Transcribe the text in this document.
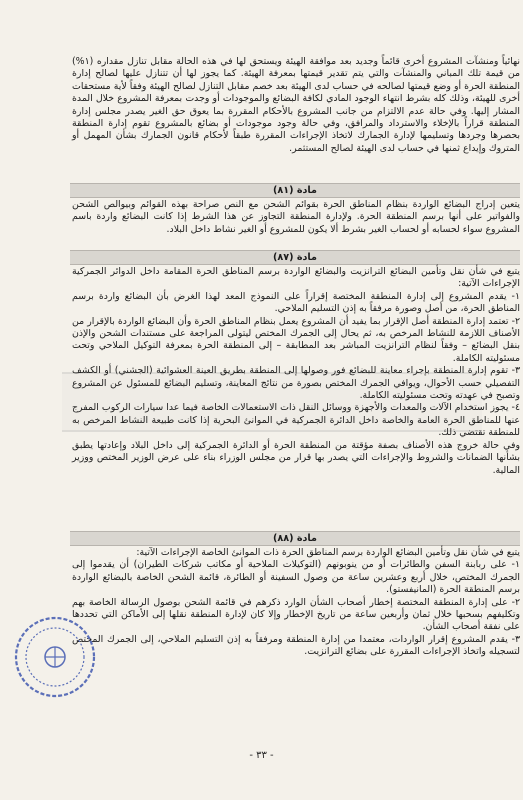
نهائياً ومنشآت المشروع أخرى قائماً وجديد بعد موافقة الهيئة ويستحق لها في هذه الحالة مقابل تنازل مقداره (١%) من قيمة تلك المباني والمنشآت والتي يتم تقدير قيمتها بمعرفة الهيئة. كما يجوز لها أن تتنازل عليها لصالح إدارة المنطقة الحرة أو وضع قيمتها لصالحه في حساب لدى الهيئة بعد خصم مقابل التنازل لصالح الهيئة وفقاً لأية مستحقات أخرى للهيئة، وذلك كله بشرط انتهاء الوجود المادي لكافة البضائع والموجودات أو وجدت بمعرفة المشروع خلال المدة المشار إليها. وفي حالة عدم الالتزام من جانب المشروع بالأحكام المقررة بما يعوق حق الغير يصدر مجلس إدارة المنطقة قراراً بالإخلاء والاسترداد والمرافق، وفي حالة وجود موجودات أو بضائع بالمشروع تقوم إدارة المنطقة بحصرها وجردها وتسليمها لإدارة الجمارك لاتخاذ الإجراءات المقررة طبقاً لأحكام قانون الجمارك بشأن المهمل أو المتروك وإيداع ثمنها في حساب لدى الهيئة لصالح المستثمر.

مادة (٨١)

يتعين إدراج البضائع الواردة بنظام المناطق الحرة بقوائم الشحن مع النص صراحة بهذه القوائم وبيوالص الشحن والفواتير على أنها برسم المنطقة الحرة. ولإدارة المنطقة التجاوز عن هذا الشرط إذا كانت البضائع واردة باسم المشروع سواء لحسابه أو لحساب الغير بشرط ألا يكون للمشروع أو الغير نشاط داخل البلاد.

مادة (٨٧)
يتبع في شأن نقل وتأمين البضائع الترانزيت والبضائع الواردة برسم المناطق الحرة المقامة داخل الدوائر الجمركية الإجراءات الآتية:
١- يقدم المشروع إلى إدارة المنطقة المختصة إقراراً على النموذج المعد لهذا الغرض بأن البضائع واردة برسم المناطق الحرة، من أصل وصورة مرفقاً به إذن التسليم الملاحي.
٢- تعتمد إدارة المنطقة أصل الإقرار بما يفيد أن المشروع يعمل بنظام المناطق الحرة وأن البضائع الواردة بالإقرار من الأصناف اللازمة للنشاط المرخص به، ثم يحال إلى الجمرك المختص ليتولى المراجعة على مستندات الشحن والإذن بنقل البضائع – وفقاً لنظام الترانزيت المباشر بعد المطابقة – إلى المنطقة الحرة بمعرفة التوكيل الملاحي وتحت مسئوليته الكاملة.
٣- تقوم إدارة المنطقة بإجراء معاينة للبضائع فور وصولها إلى المنطقة بطريق العينة العشوائية (الجشني) أو الكشف التفصيلي حسب الأحوال، ويوافي الجمرك المختص بصورة من نتائج المعاينة، وتسليم البضائع للمسئول عن المشروع وتصبح في عهدته وتحت مسئوليته الكاملة.
٤- يجوز استخدام الآلات والمعدات والأجهزة ووسائل النقل ذات الاستعمالات الخاصة فيما عدا سيارات الركوب المفرج عنها للمناطق الحرة العامة والخاصة داخل الدائرة الجمركية في الموانئ البحرية إذا كانت طبيعة النشاط المرخص به للمنطقة تقتضي ذلك.
وفي حالة خروج هذه الأصناف بصفة مؤقتة من المنطقة الحرة أو الدائرة الجمركية إلى داخل البلاد وإعادتها يطبق بشأنها الضمانات والشروط والإجراءات التي يصدر بها قرار من مجلس الوزراء بناء على عرض الوزير المختص ووزير المالية.
مادة (٨٨)
يتبع في شأن نقل وتأمين البضائع الواردة برسم المناطق الحرة ذات الموانئ الخاصة الإجراءات الآتية:
١- على ربابنة السفن والطائرات أو من ينوبونهم (التوكيلات الملاحية أو مكاتب شركات الطيران) أن يقدموا إلى الجمرك المختص، خلال أربع وعشرين ساعة من وصول السفينة أو الطائرة، قائمة الشحن الخاصة بالبضائع الواردة برسم المنطقة الحرة (المانيفستو).
٢- على إدارة المنطقة المختصة إخطار أصحاب الشأن الوارد ذكرهم في قائمة الشحن بوصول الرسالة الخاصة بهم وتكليفهم بسحبها خلال ثمان وأربعين ساعة من تاريخ الإخطار وإلا كان لإدارة المنطقة نقلها إلى الأماكن التي تحددها على نفقة أصحاب الشأن.
٣- يقدم المشروع إقرار الواردات، معتمدا من إدارة المنطقة ومرفقاً به إذن التسليم الملاحي، إلى الجمرك المختص لتسجيله واتخاذ الإجراءات المقررة على بضائع الترانزيت.
- ٣٣ -
